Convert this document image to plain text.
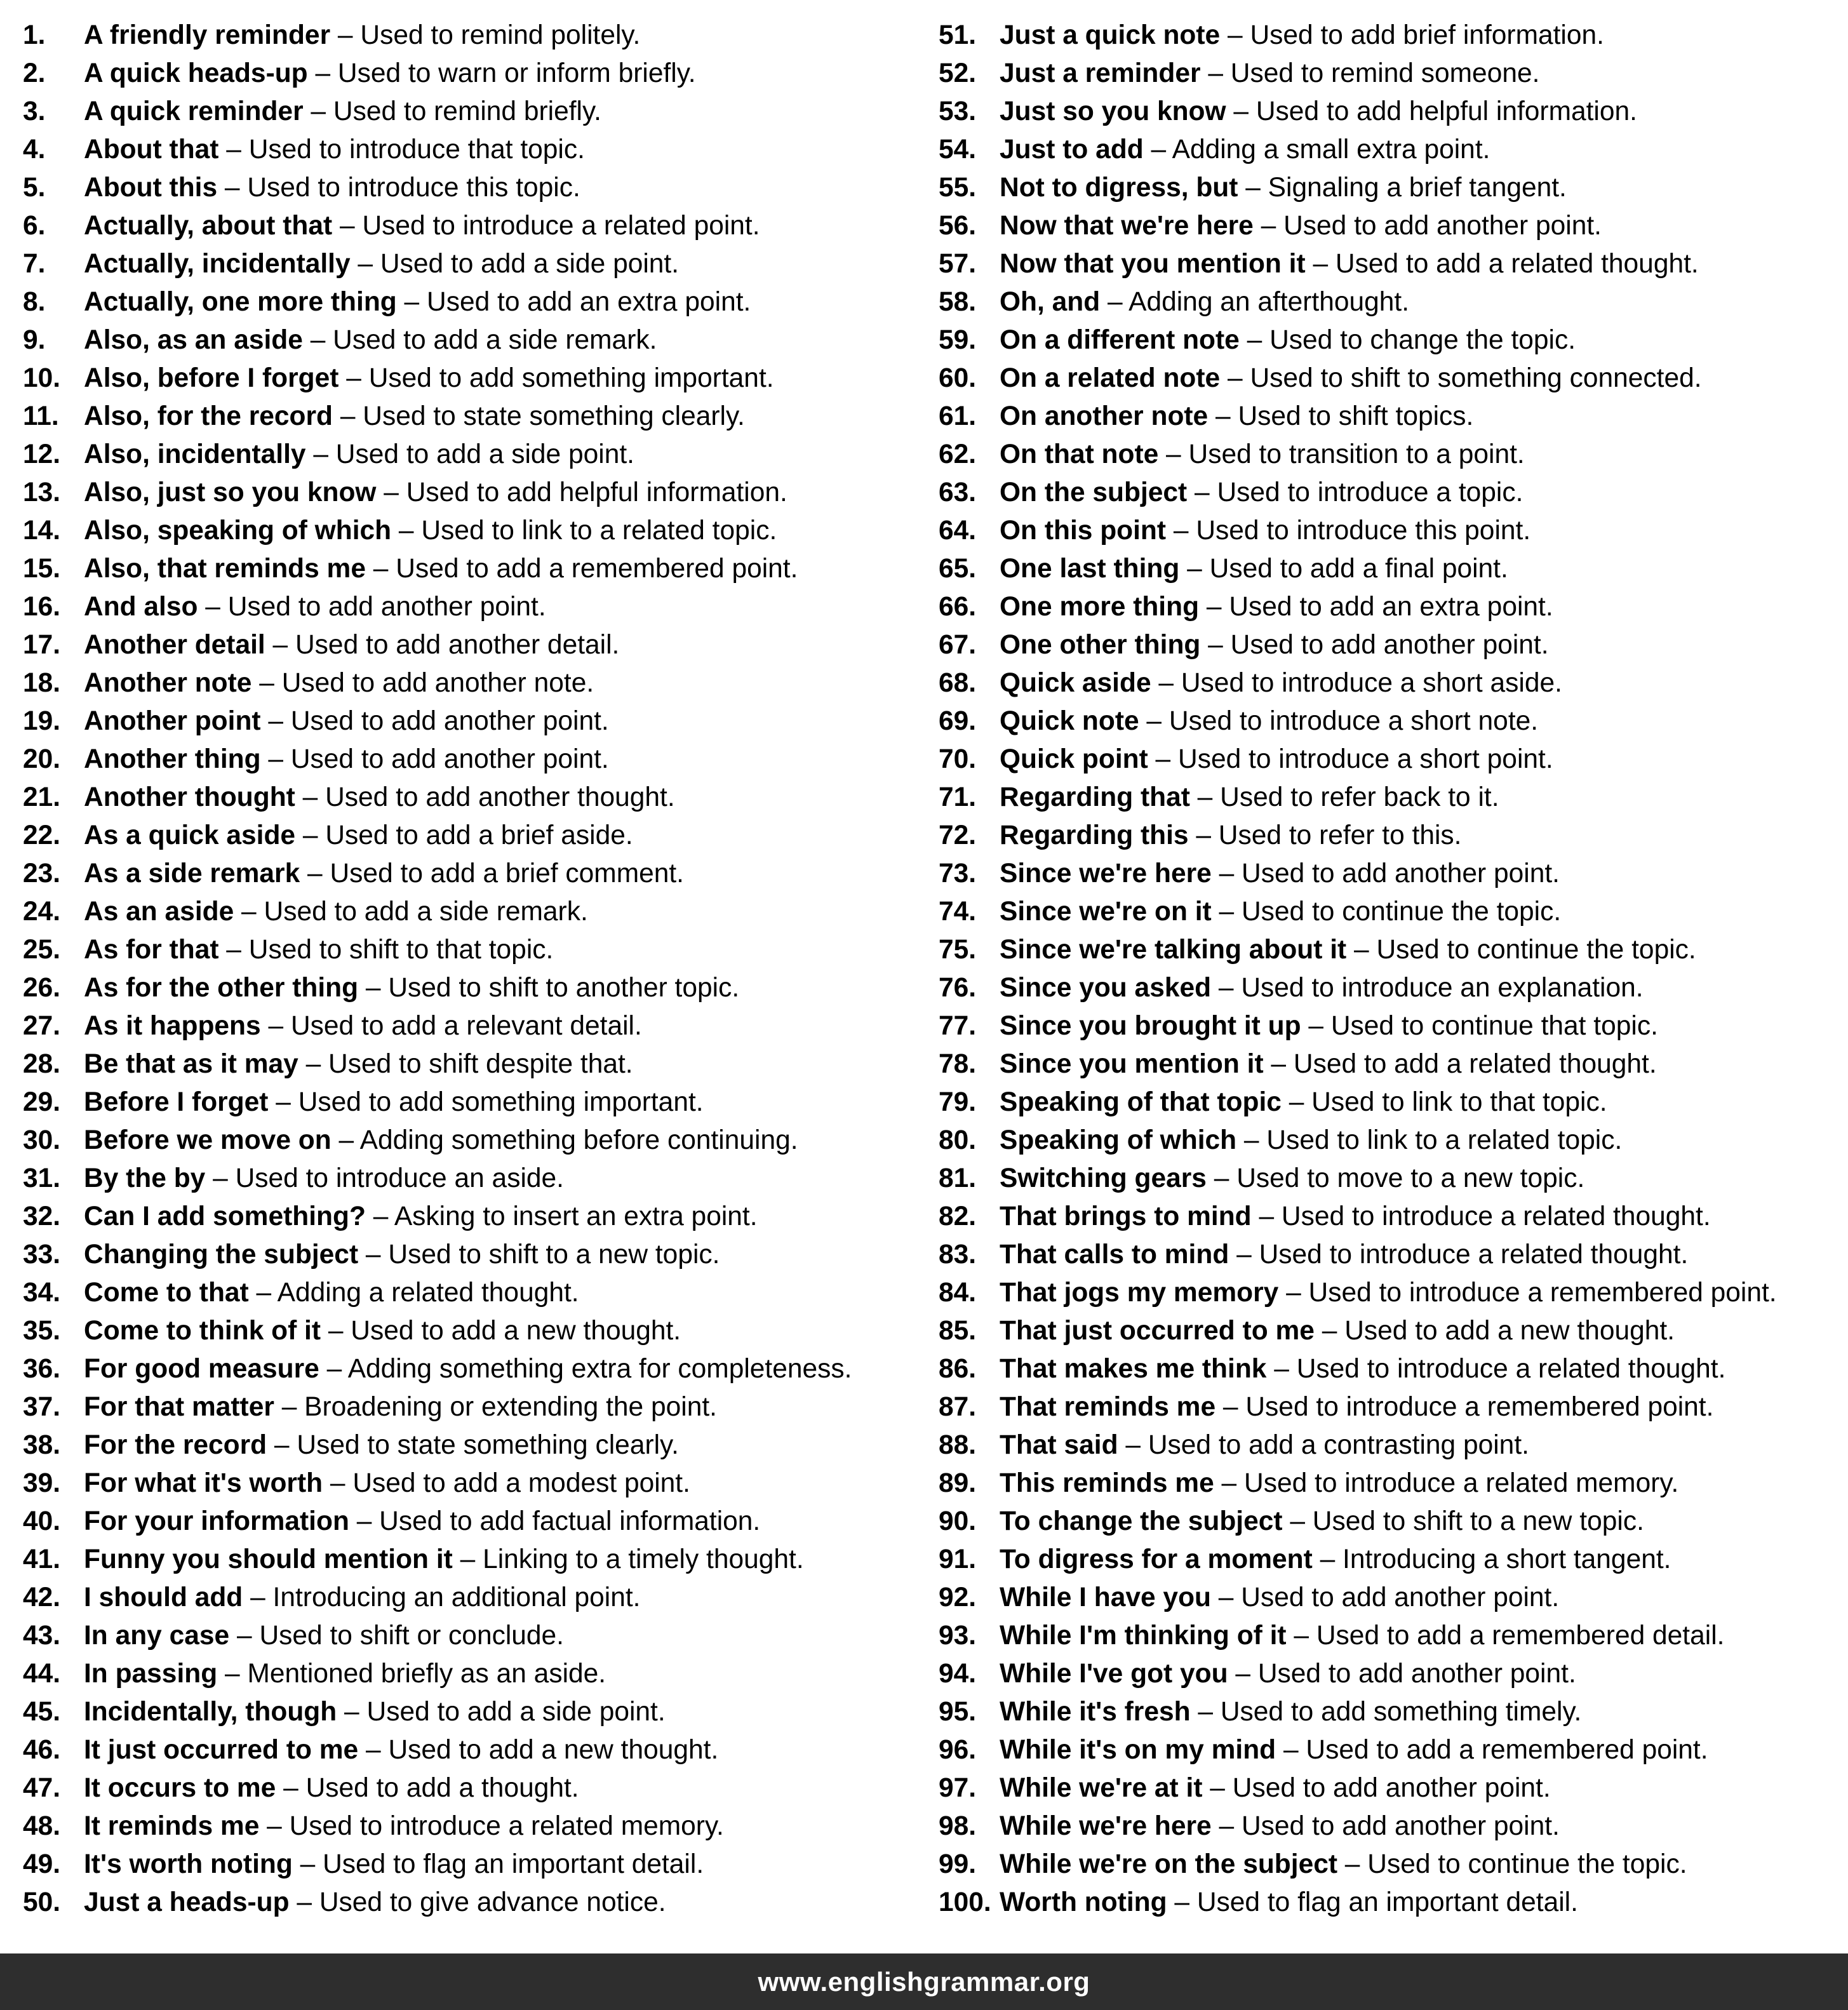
1.	A friendly reminder – Used to remind politely.
2.	A quick heads-up – Used to warn or inform briefly.
3.	A quick reminder – Used to remind briefly.
4.	About that – Used to introduce that topic.
5.	About this – Used to introduce this topic.
6.	Actually, about that – Used to introduce a related point.
7.	Actually, incidentally – Used to add a side point.
8.	Actually, one more thing – Used to add an extra point.
9.	Also, as an aside – Used to add a side remark.
10. Also, before I forget – Used to add something important.
11. Also, for the record – Used to state something clearly.
12. Also, incidentally – Used to add a side point.
13. Also, just so you know – Used to add helpful information.
14. Also, speaking of which – Used to link to a related topic.
15. Also, that reminds me – Used to add a remembered point.
16. And also – Used to add another point.
17. Another detail – Used to add another detail.
18. Another note – Used to add another note.
19. Another point – Used to add another point.
20. Another thing – Used to add another point.
21. Another thought – Used to add another thought.
22. As a quick aside – Used to add a brief aside.
23. As a side remark – Used to add a brief comment.
24. As an aside – Used to add a side remark.
25. As for that – Used to shift to that topic.
26. As for the other thing – Used to shift to another topic.
27. As it happens – Used to add a relevant detail.
28. Be that as it may – Used to shift despite that.
29. Before I forget – Used to add something important.
30. Before we move on – Adding something before continuing.
31. By the by – Used to introduce an aside.
32. Can I add something? – Asking to insert an extra point.
33. Changing the subject – Used to shift to a new topic.
34. Come to that – Adding a related thought.
35. Come to think of it – Used to add a new thought.
36. For good measure – Adding something extra for completeness.
37. For that matter – Broadening or extending the point.
38. For the record – Used to state something clearly.
39. For what it's worth – Used to add a modest point.
40. For your information – Used to add factual information.
41. Funny you should mention it – Linking to a timely thought.
42. I should add – Introducing an additional point.
43. In any case – Used to shift or conclude.
44. In passing – Mentioned briefly as an aside.
45. Incidentally, though – Used to add a side point.
46. It just occurred to me – Used to add a new thought.
47. It occurs to me – Used to add a thought.
48. It reminds me – Used to introduce a related memory.
49. It's worth noting – Used to flag an important detail.
50. Just a heads-up – Used to give advance notice.
51. Just a quick note – Used to add brief information.
52. Just a reminder – Used to remind someone.
53. Just so you know – Used to add helpful information.
54. Just to add – Adding a small extra point.
55. Not to digress, but – Signaling a brief tangent.
56. Now that we're here – Used to add another point.
57. Now that you mention it – Used to add a related thought.
58. Oh, and – Adding an afterthought.
59. On a different note – Used to change the topic.
60. On a related note – Used to shift to something connected.
61. On another note – Used to shift topics.
62. On that note – Used to transition to a point.
63. On the subject – Used to introduce a topic.
64. On this point – Used to introduce this point.
65. One last thing – Used to add a final point.
66. One more thing – Used to add an extra point.
67. One other thing – Used to add another point.
68. Quick aside – Used to introduce a short aside.
69. Quick note – Used to introduce a short note.
70. Quick point – Used to introduce a short point.
71. Regarding that – Used to refer back to it.
72. Regarding this – Used to refer to this.
73. Since we're here – Used to add another point.
74. Since we're on it – Used to continue the topic.
75. Since we're talking about it – Used to continue the topic.
76. Since you asked – Used to introduce an explanation.
77. Since you brought it up – Used to continue that topic.
78. Since you mention it – Used to add a related thought.
79. Speaking of that topic – Used to link to that topic.
80. Speaking of which – Used to link to a related topic.
81. Switching gears – Used to move to a new topic.
82. That brings to mind – Used to introduce a related thought.
83. That calls to mind – Used to introduce a related thought.
84. That jogs my memory – Used to introduce a remembered point.
85. That just occurred to me – Used to add a new thought.
86. That makes me think – Used to introduce a related thought.
87. That reminds me – Used to introduce a remembered point.
88. That said – Used to add a contrasting point.
89. This reminds me – Used to introduce a related memory.
90. To change the subject – Used to shift to a new topic.
91. To digress for a moment – Introducing a short tangent.
92. While I have you – Used to add another point.
93. While I'm thinking of it – Used to add a remembered detail.
94. While I've got you – Used to add another point.
95. While it's fresh – Used to add something timely.
96. While it's on my mind – Used to add a remembered point.
97. While we're at it – Used to add another point.
98. While we're here – Used to add another point.
99. While we're on the subject – Used to continue the topic.
100. Worth noting – Used to flag an important detail.
www.englishgrammar.org
